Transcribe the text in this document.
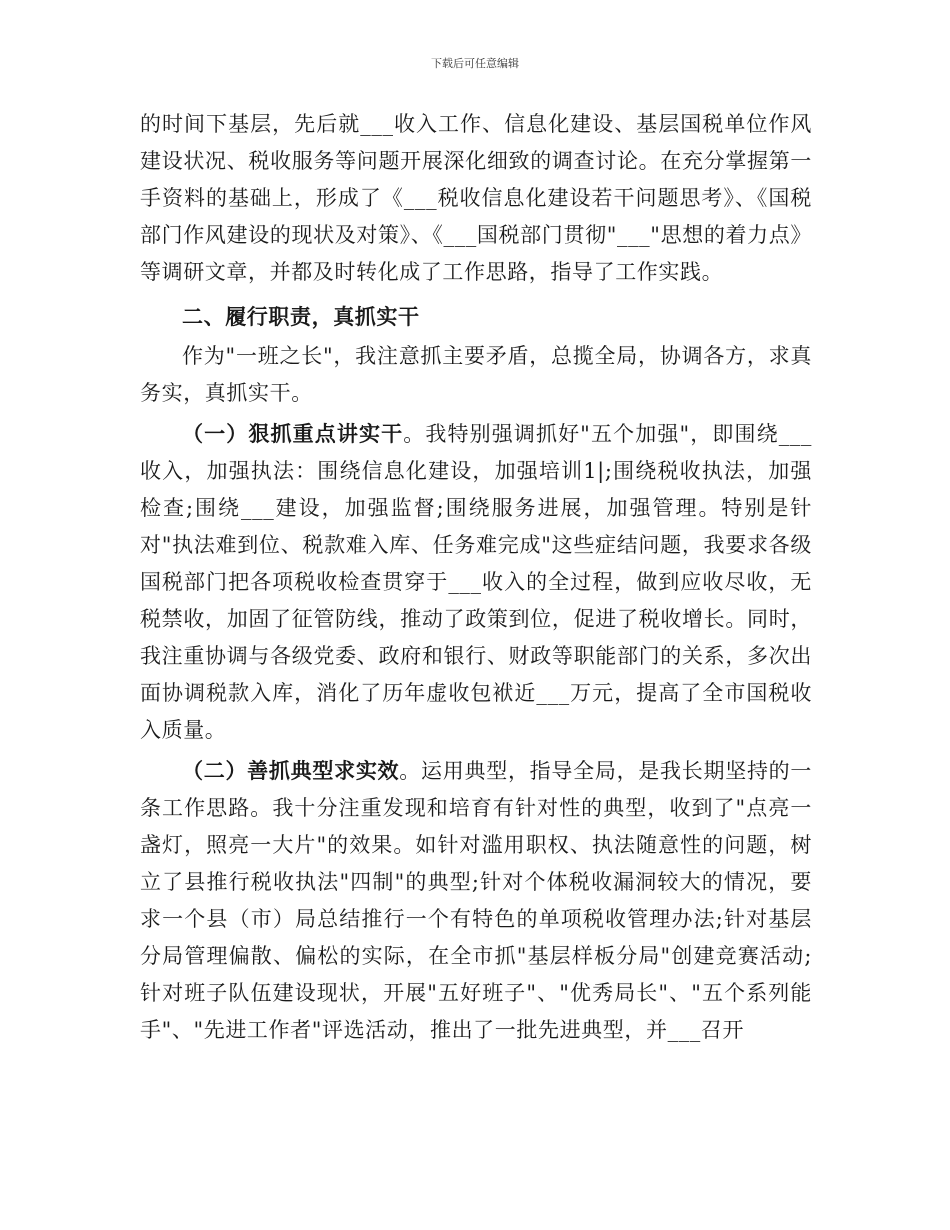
下载后可任意编辑

的时间下基层，先后就___收入工作、信息化建设、基层国税单位作风建设状况、税收服务等问题开展深化细致的调查讨论。在充分掌握第一手资料的基础上，形成了《___税收信息化建设若干问题思考》、《国税部门作风建设的现状及对策》、《___国税部门贯彻"___"思想的着力点》等调研文章，并都及时转化成了工作思路，指导了工作实践。

二、履行职责，真抓实干

作为"一班之长"，我注意抓主要矛盾，总揽全局，协调各方，求真务实，真抓实干。

（一）狠抓重点讲实干。我特别强调抓好"五个加强"，即围绕___收入，加强执法：围绕信息化建设，加强培训1|;围绕税收执法，加强检查;围绕___建设，加强监督;围绕服务进展，加强管理。特别是针对"执法难到位、税款难入库、任务难完成"这些症结问题，我要求各级国税部门把各项税收检查贯穿于___收入的全过程，做到应收尽收，无税禁收，加固了征管防线，推动了政策到位，促进了税收增长。同时，我注重协调与各级党委、政府和银行、财政等职能部门的关系，多次出面协调税款入库，消化了历年虚收包袱近___万元，提高了全市国税收入质量。

（二）善抓典型求实效。运用典型，指导全局，是我长期坚持的一条工作思路。我十分注重发现和培育有针对性的典型，收到了"点亮一盏灯，照亮一大片"的效果。如针对滥用职权、执法随意性的问题，树立了县推行税收执法"四制"的典型;针对个体税收漏洞较大的情况，要求一个县（市）局总结推行一个有特色的单项税收管理办法;针对基层分局管理偏散、偏松的实际，在全市抓"基层样板分局"创建竞赛活动;针对班子队伍建设现状，开展"五好班子"、"优秀局长"、"五个系列能手"、"先进工作者"评选活动，推出了一批先进典型，并___召开
